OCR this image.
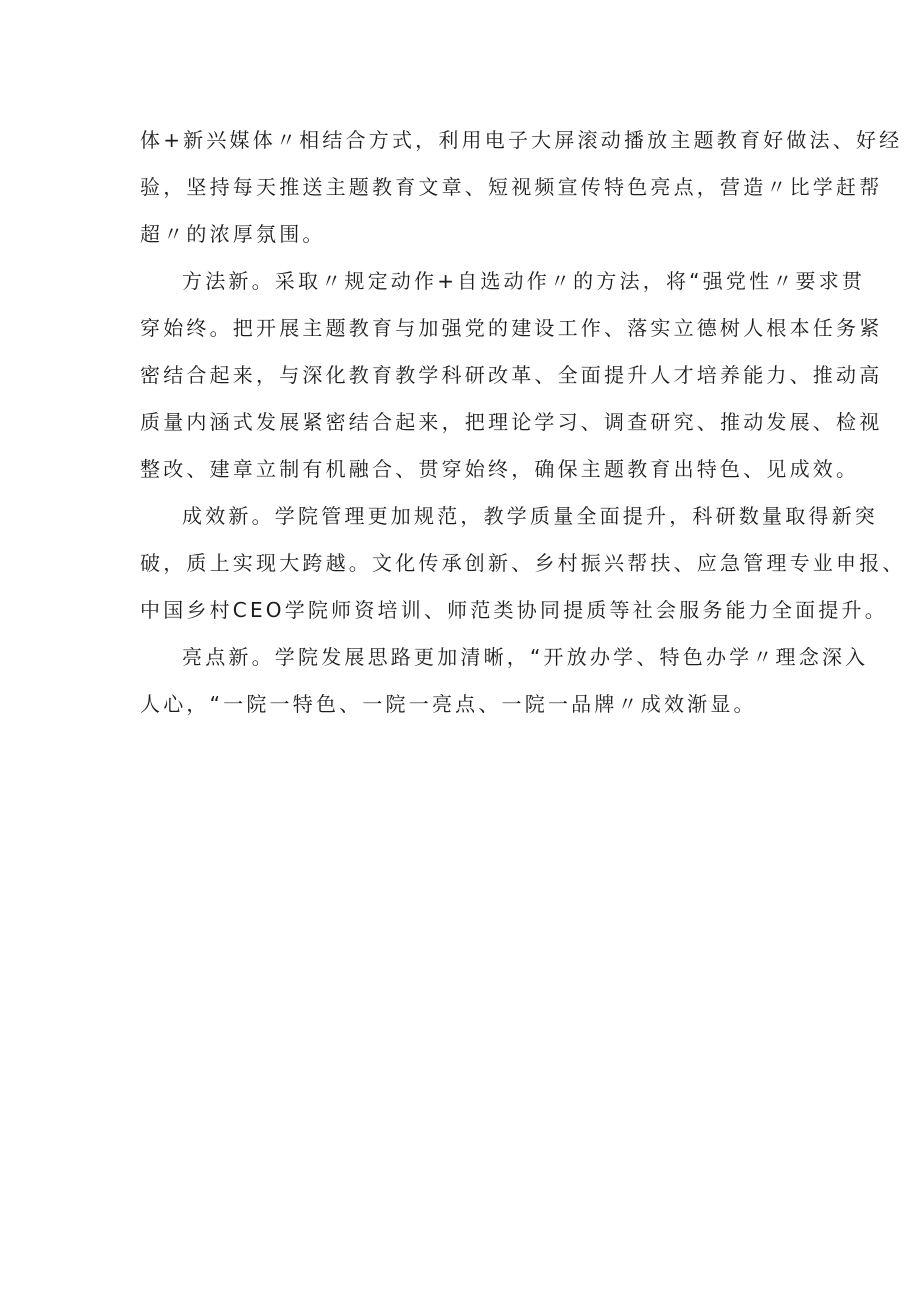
体+新兴媒体〃相结合方式，利用电子大屏滚动播放主题教育好做法、好经
验，坚持每天推送主题教育文章、短视频宣传特色亮点，营造〃比学赶帮
超〃的浓厚氛围。
方法新。采取〃规定动作+自选动作〃的方法，将“强党性〃要求贯
穿始终。把开展主题教育与加强党的建设工作、落实立德树人根本任务紧
密结合起来，与深化教育教学科研改革、全面提升人才培养能力、推动高
质量内涵式发展紧密结合起来，把理论学习、调查研究、推动发展、检视
整改、建章立制有机融合、贯穿始终，确保主题教育出特色、见成效。
成效新。学院管理更加规范，教学质量全面提升，科研数量取得新突
破，质上实现大跨越。文化传承创新、乡村振兴帮扶、应急管理专业申报、
中国乡村CEO学院师资培训、师范类协同提质等社会服务能力全面提升。
亮点新。学院发展思路更加清晰，“开放办学、特色办学〃理念深入
人心，“一院一特色、一院一亮点、一院一品牌〃成效渐显。
